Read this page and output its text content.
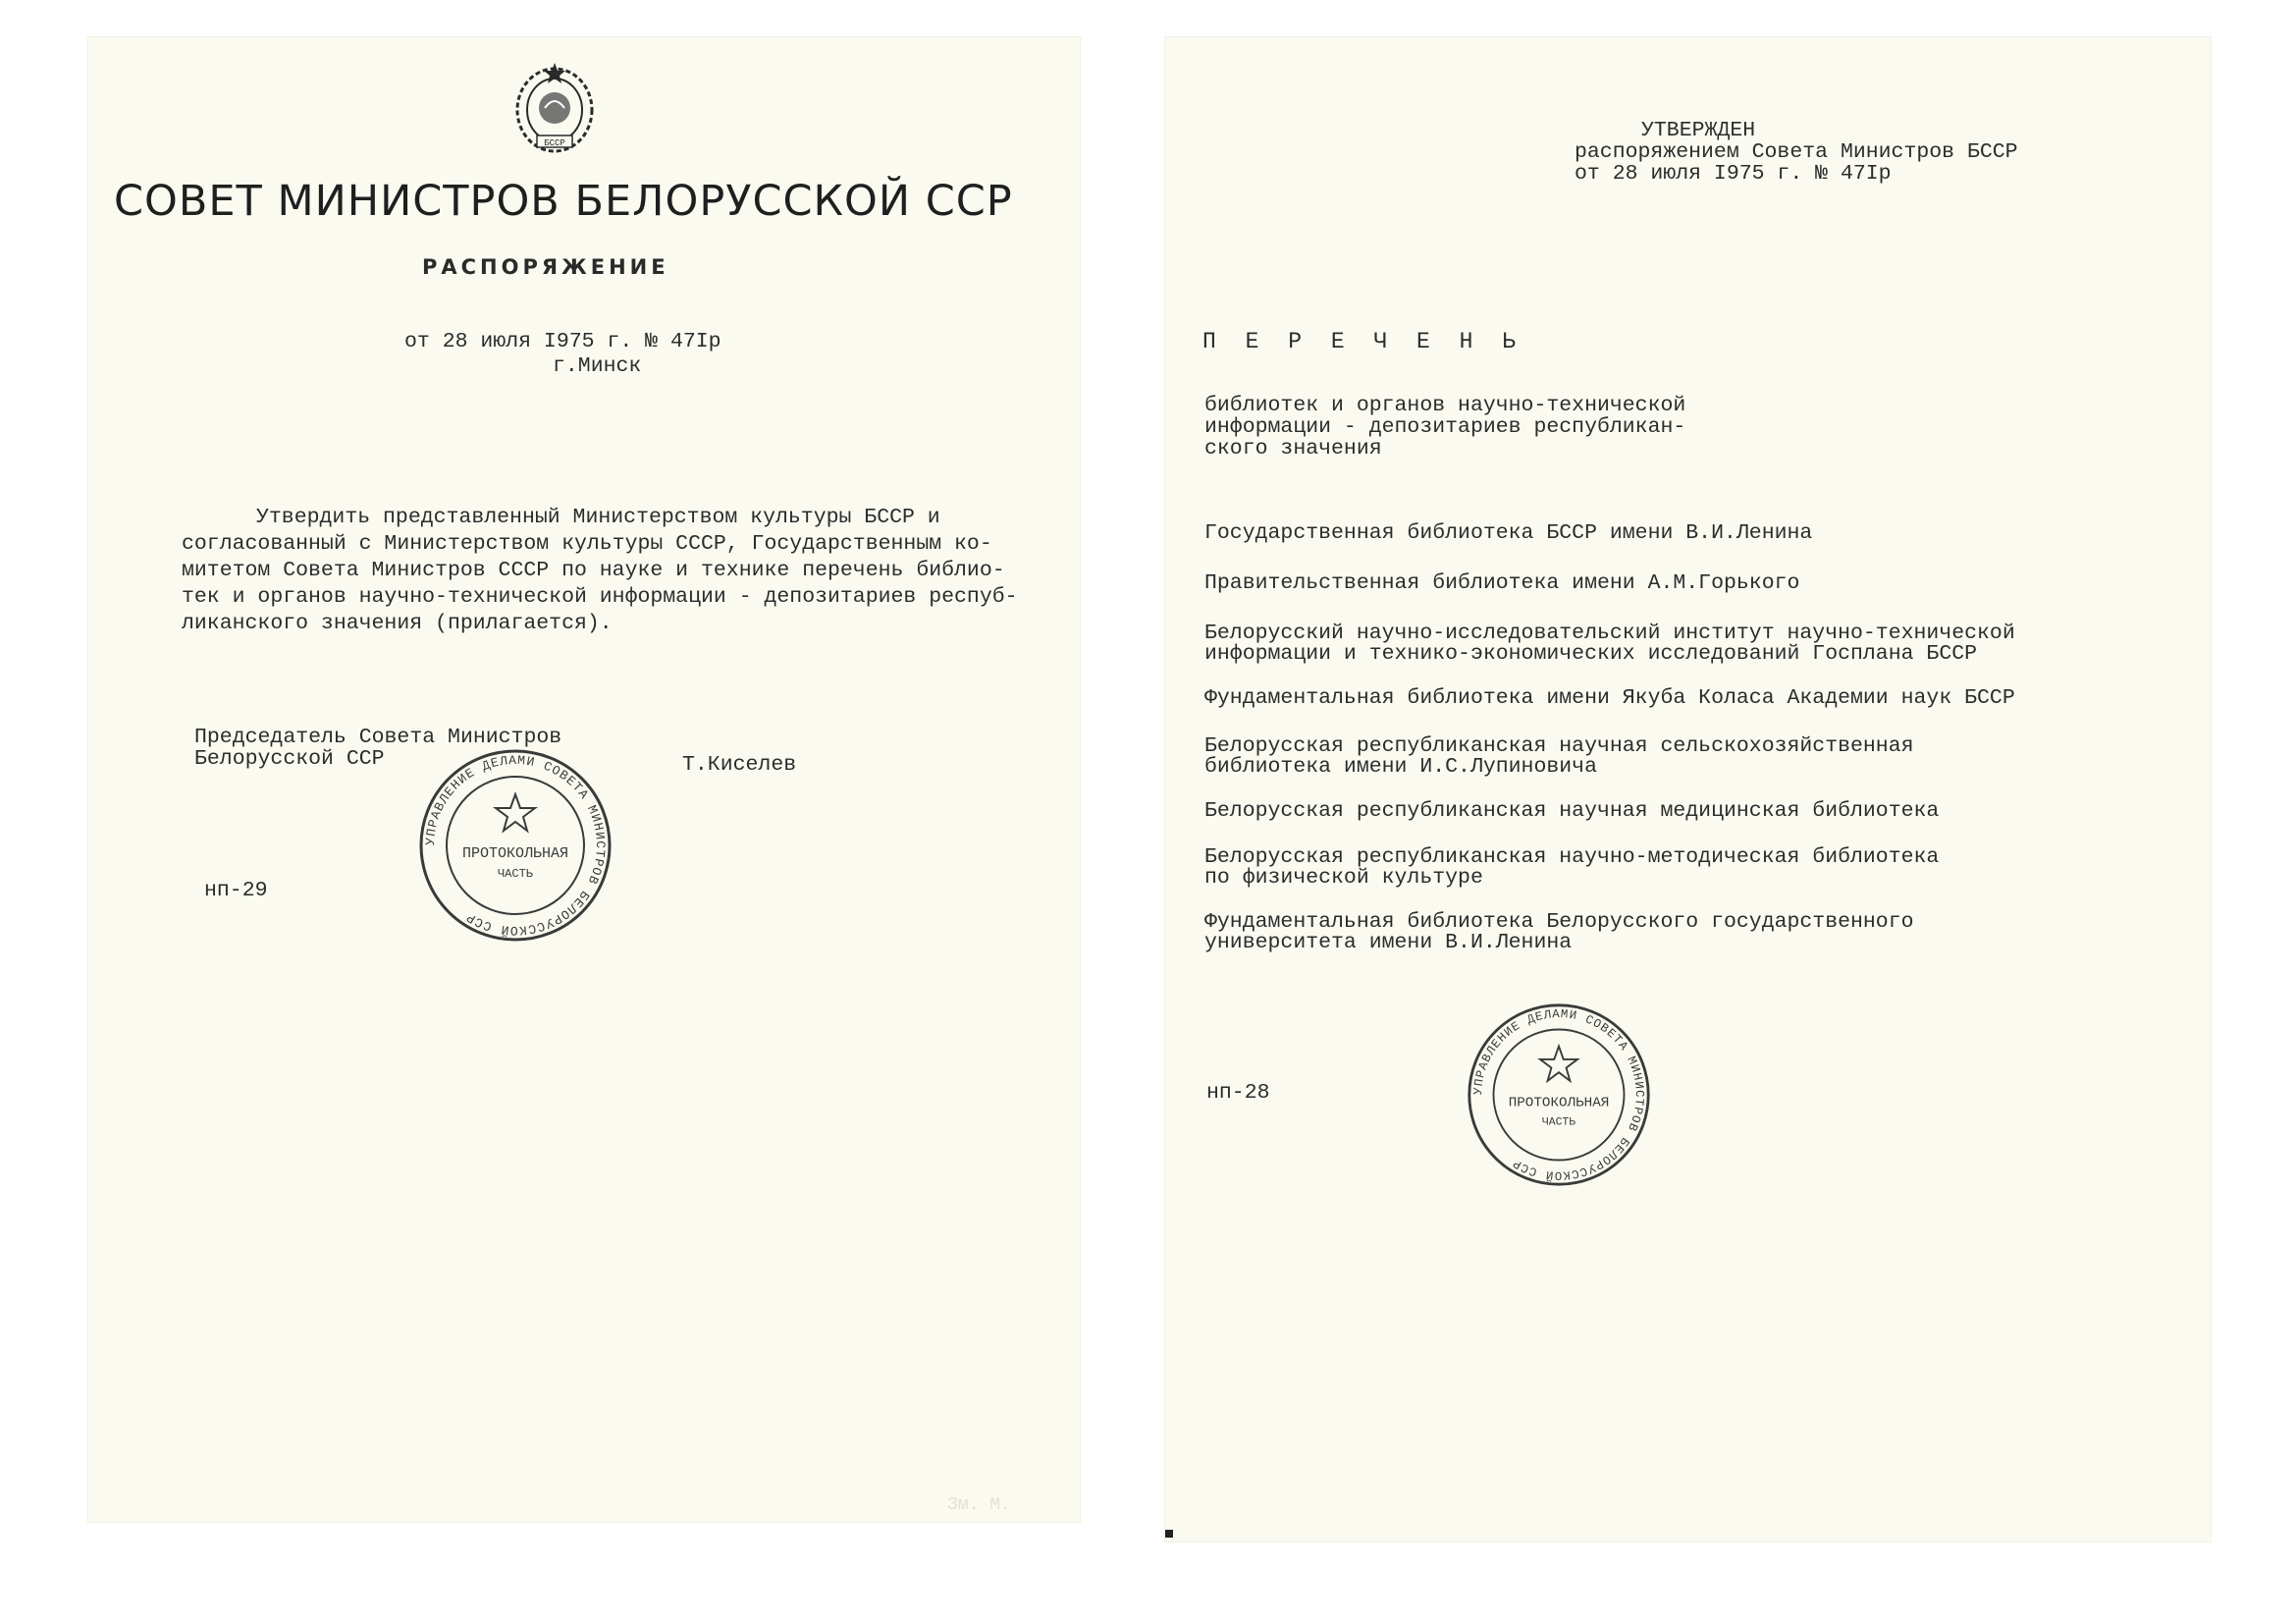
БССР
СОВЕТ МИНИСТРОВ БЕЛОРУССКОЙ ССР
РАСПОРЯЖЕНИЕ
от 28 июля I975 г. № 47Iр
г.Минск
Утвердить представленный Министерством культуры БССР и
согласованный с Министерством культуры СССР, Государственным ко-
митетом Совета Министров СССР по науке и технике перечень библио-
тек и органов научно-технической информации - депозитариев респуб-
ликанского значения (прилагается).
Председатель Совета Министров
Белорусской ССР	Т.Киселев
УПРАВЛЕНИЕ ДЕЛАМИ СОВЕТА МИНИСТРОВ БЕЛОРУССКОЙ ССР
ПРОТОКОЛЬНАЯ
ЧАСТЬ
нп-29
Зм. М.
УТВЕРЖДЕН
распоряжением Совета Министров БССР
от 28 июля I975 г. № 47Iр
П Е Р Е Ч Е Н Ь
библиотек и органов научно-технической
информации - депозитариев республикан-
ского значения
Государственная библиотека БССР имени В.И.Ленина
Правительственная библиотека имени А.М.Горького
Белорусский научно-исследовательский институт научно-технической
информации и технико-экономических исследований Госплана БССР
Фундаментальная библиотека имени Якуба Коласа Академии наук БССР
Белорусская республиканская научная сельскохозяйственная
библиотека имени И.С.Лупиновича
Белорусская республиканская научная медицинская библиотека
Белорусская республиканская научно-методическая библиотека
по физической культуре
Фундаментальная библиотека Белорусского государственного
университета имени В.И.Ленина
УПРАВЛЕНИЕ ДЕЛАМИ СОВЕТА МИНИСТРОВ БЕЛОРУССКОЙ ССР
ПРОТОКОЛЬНАЯ
ЧАСТЬ
нп-28
